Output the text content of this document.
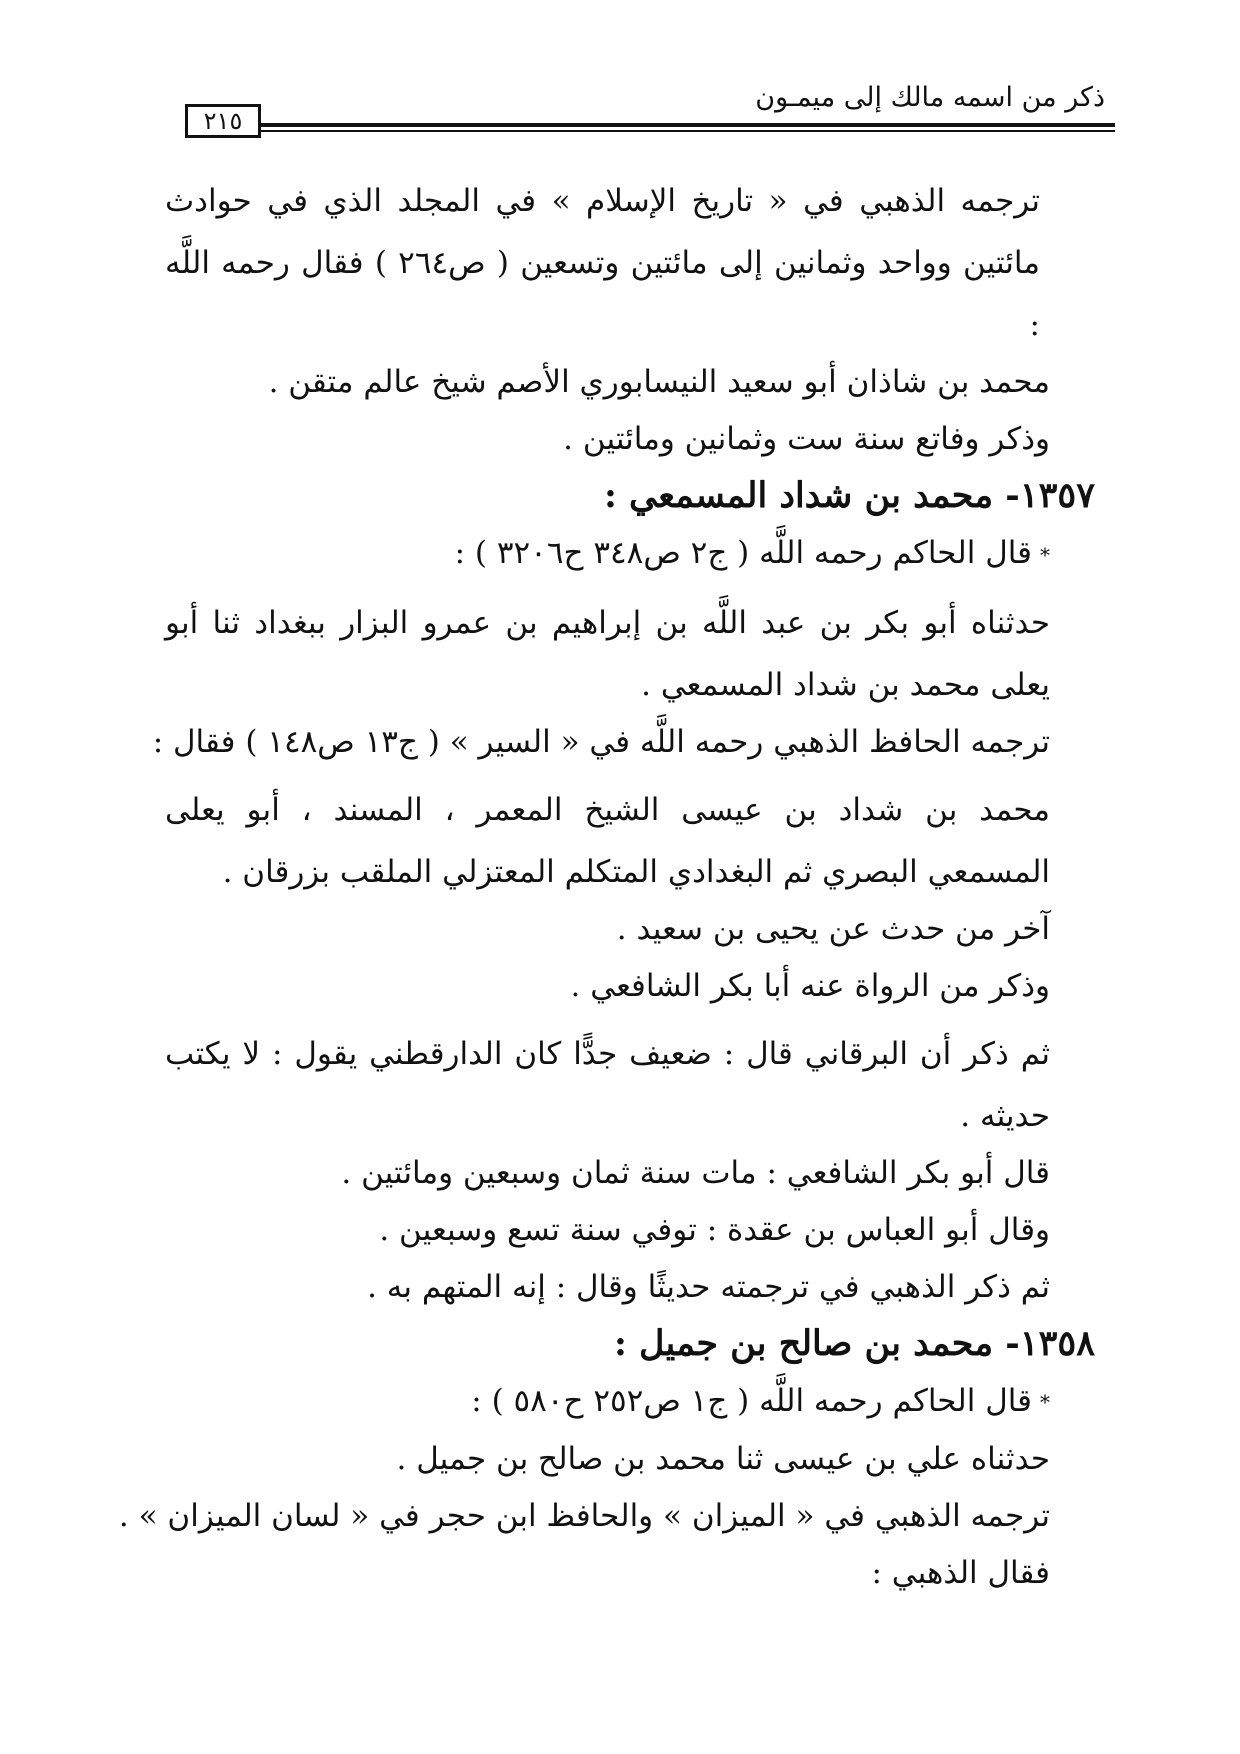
ذكر من اسمه مالك إلى ميمـون
٢١٥

ترجمه الذهبي في « تاريخ الإسلام » في المجلد الذي في حوادث مائتين وواحد وثمانين إلى مائتين وتسعين ( ص٢٦٤ ) فقال رحمه اللَّه :

محمد بن شاذان أبو سعيد النيسابوري الأصم شيخ عالم متقن .

وذكر وفاتع سنة ست وثمانين ومائتين .

١٣٥٧- محمد بن شداد المسمعي :

*قال الحاكم رحمه اللَّه ( ج٢ ص٣٤٨ ح٣٢٠٦ ) :

حدثناه أبو بكر بن عبد اللَّه بن إبراهيم بن عمرو البزار ببغداد ثنا أبو يعلى محمد بن شداد المسمعي .

ترجمه الحافظ الذهبي رحمه اللَّه في « السير » ( ج١٣ ص١٤٨ ) فقال :

محمد بن شداد بن عيسى الشيخ المعمر ، المسند ، أبو يعلى المسمعي البصري ثم البغدادي المتكلم المعتزلي الملقب بزرقان .

آخر من حدث عن يحيى بن سعيد .

وذكر من الرواة عنه أبا بكر الشافعي .

ثم ذكر أن البرقاني قال : ضعيف جدًّا كان الدارقطني يقول : لا يكتب حديثه .

قال أبو بكر الشافعي : مات سنة ثمان وسبعين ومائتين .

وقال أبو العباس بن عقدة : توفي سنة تسع وسبعين .

ثم ذكر الذهبي في ترجمته حديثًا وقال : إنه المتهم به .

١٣٥٨- محمد بن صالح بن جميل :

*قال الحاكم رحمه اللَّه ( ج١ ص٢٥٢ ح٥٨٠ ) :

حدثناه علي بن عيسى ثنا محمد بن صالح بن جميل .

ترجمه الذهبي في « الميزان » والحافظ ابن حجر في « لسان الميزان » .

فقال الذهبي :
